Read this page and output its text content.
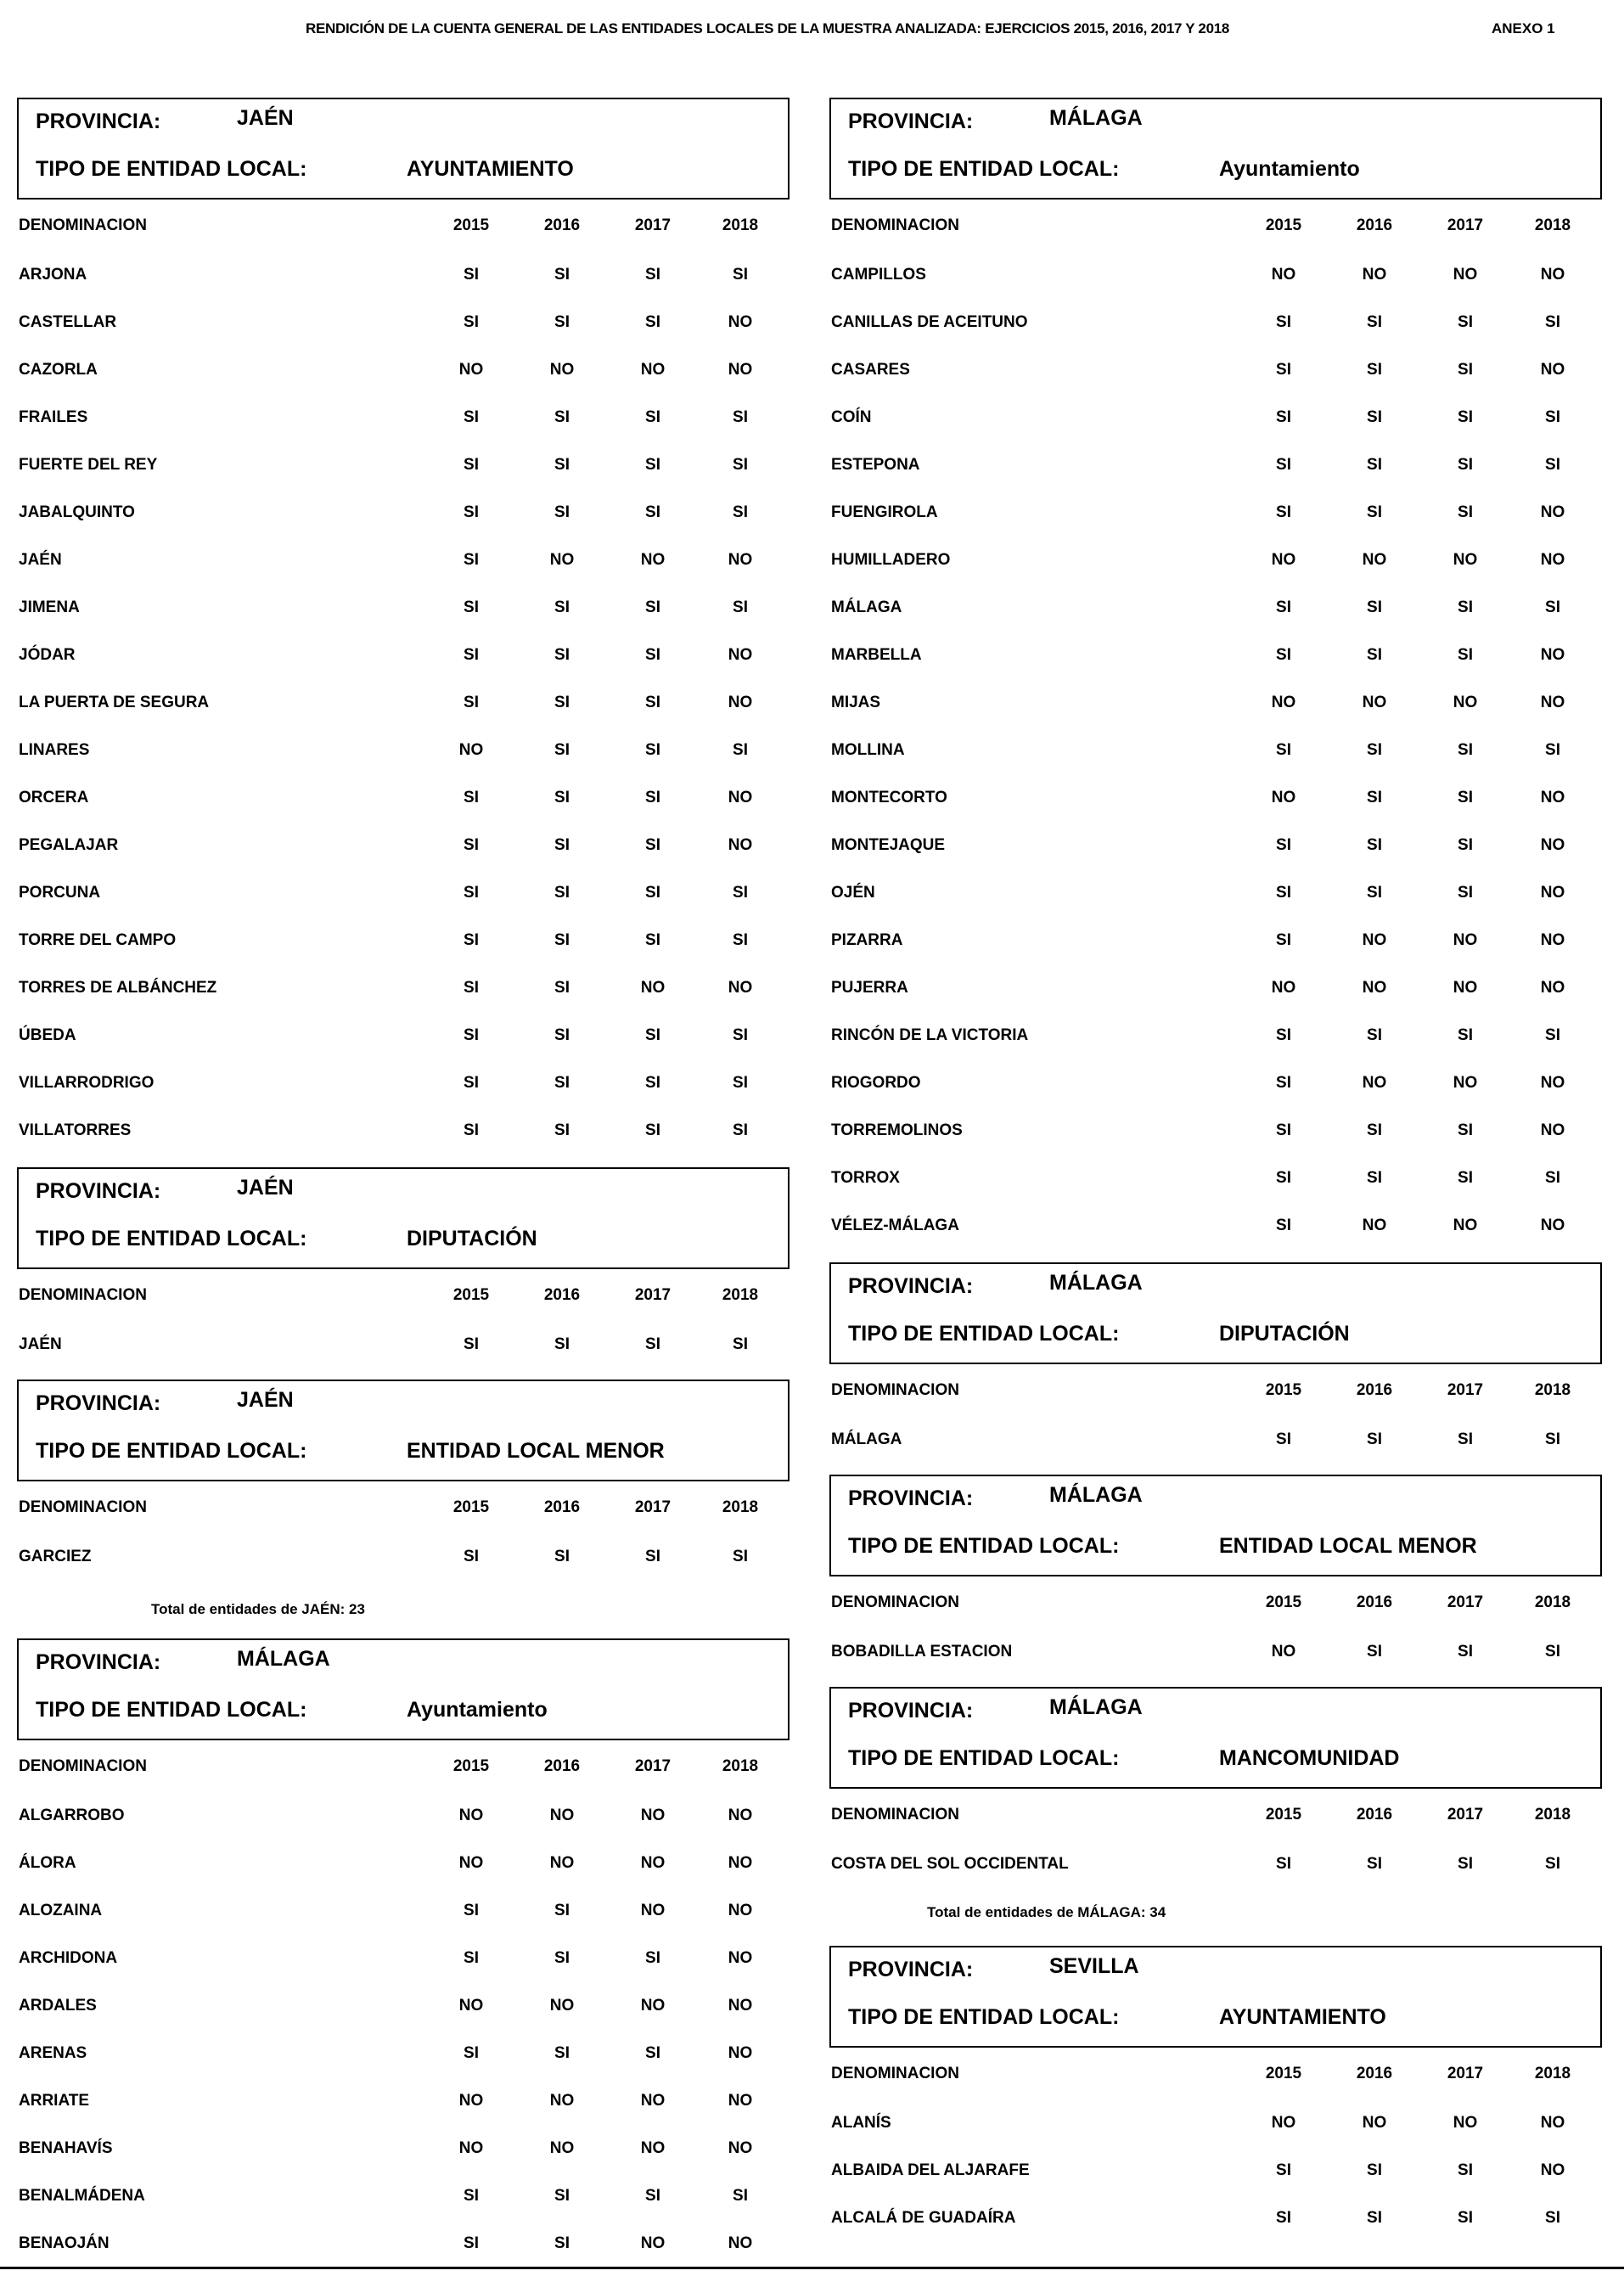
RENDICIÓN DE LA CUENTA GENERAL DE LAS ENTIDADES LOCALES DE LA MUESTRA ANALIZADA: EJERCICIOS 2015, 2016, 2017 Y 2018	ANEXO 1
PROVINCIA:	JAÉN
TIPO DE ENTIDAD LOCAL:	AYUNTAMIENTO
DENOMINACION	2015	2016	2017	2018
ARJONA	SI	SI	SI	SI
CASTELLAR	SI	SI	SI	NO
CAZORLA	NO	NO	NO	NO
FRAILES	SI	SI	SI	SI
FUERTE DEL REY	SI	SI	SI	SI
JABALQUINTO	SI	SI	SI	SI
JAÉN	SI	NO	NO	NO
JIMENA	SI	SI	SI	SI
JÓDAR	SI	SI	SI	NO
LA PUERTA DE SEGURA	SI	SI	SI	NO
LINARES	NO	SI	SI	SI
ORCERA	SI	SI	SI	NO
PEGALAJAR	SI	SI	SI	NO
PORCUNA	SI	SI	SI	SI
TORRE DEL CAMPO	SI	SI	SI	SI
TORRES DE ALBÁNCHEZ	SI	SI	NO	NO
ÚBEDA	SI	SI	SI	SI
VILLARRODRIGO	SI	SI	SI	SI
VILLATORRES	SI	SI	SI	SI
PROVINCIA:	JAÉN
TIPO DE ENTIDAD LOCAL:	DIPUTACIÓN
DENOMINACION	2015	2016	2017	2018
JAÉN	SI	SI	SI	SI
PROVINCIA:	JAÉN
TIPO DE ENTIDAD LOCAL:	ENTIDAD LOCAL MENOR
DENOMINACION	2015	2016	2017	2018
GARCIEZ	SI	SI	SI	SI
Total de entidades de JAÉN: 23
PROVINCIA:	MÁLAGA
TIPO DE ENTIDAD LOCAL:	Ayuntamiento
DENOMINACION	2015	2016	2017	2018
ALGARROBO	NO	NO	NO	NO
ÁLORA	NO	NO	NO	NO
ALOZAINA	SI	SI	NO	NO
ARCHIDONA	SI	SI	SI	NO
ARDALES	NO	NO	NO	NO
ARENAS	SI	SI	SI	NO
ARRIATE	NO	NO	NO	NO
BENAHAVÍS	NO	NO	NO	NO
BENALMÁDENA	SI	SI	SI	SI
BENAOJÁN	SI	SI	NO	NO
PROVINCIA:	MÁLAGA
TIPO DE ENTIDAD LOCAL:	Ayuntamiento
DENOMINACION	2015	2016	2017	2018
CAMPILLOS	NO	NO	NO	NO
CANILLAS DE ACEITUNO	SI	SI	SI	SI
CASARES	SI	SI	SI	NO
COÍN	SI	SI	SI	SI
ESTEPONA	SI	SI	SI	SI
FUENGIROLA	SI	SI	SI	NO
HUMILLADERO	NO	NO	NO	NO
MÁLAGA	SI	SI	SI	SI
MARBELLA	SI	SI	SI	NO
MIJAS	NO	NO	NO	NO
MOLLINA	SI	SI	SI	SI
MONTECORTO	NO	SI	SI	NO
MONTEJAQUE	SI	SI	SI	NO
OJÉN	SI	SI	SI	NO
PIZARRA	SI	NO	NO	NO
PUJERRA	NO	NO	NO	NO
RINCÓN DE LA VICTORIA	SI	SI	SI	SI
RIOGORDO	SI	NO	NO	NO
TORREMOLINOS	SI	SI	SI	NO
TORROX	SI	SI	SI	SI
VÉLEZ-MÁLAGA	SI	NO	NO	NO
PROVINCIA:	MÁLAGA
TIPO DE ENTIDAD LOCAL:	DIPUTACIÓN
DENOMINACION	2015	2016	2017	2018
MÁLAGA	SI	SI	SI	SI
PROVINCIA:	MÁLAGA
TIPO DE ENTIDAD LOCAL:	ENTIDAD LOCAL MENOR
DENOMINACION	2015	2016	2017	2018
BOBADILLA ESTACION	NO	SI	SI	SI
PROVINCIA:	MÁLAGA
TIPO DE ENTIDAD LOCAL:	MANCOMUNIDAD
DENOMINACION	2015	2016	2017	2018
COSTA DEL SOL OCCIDENTAL	SI	SI	SI	SI
Total de entidades de MÁLAGA: 34
PROVINCIA:	SEVILLA
TIPO DE ENTIDAD LOCAL:	AYUNTAMIENTO
DENOMINACION	2015	2016	2017	2018
ALANÍS	NO	NO	NO	NO
ALBAIDA DEL ALJARAFE	SI	SI	SI	NO
ALCALÁ DE GUADAÍRA	SI	SI	SI	SI
